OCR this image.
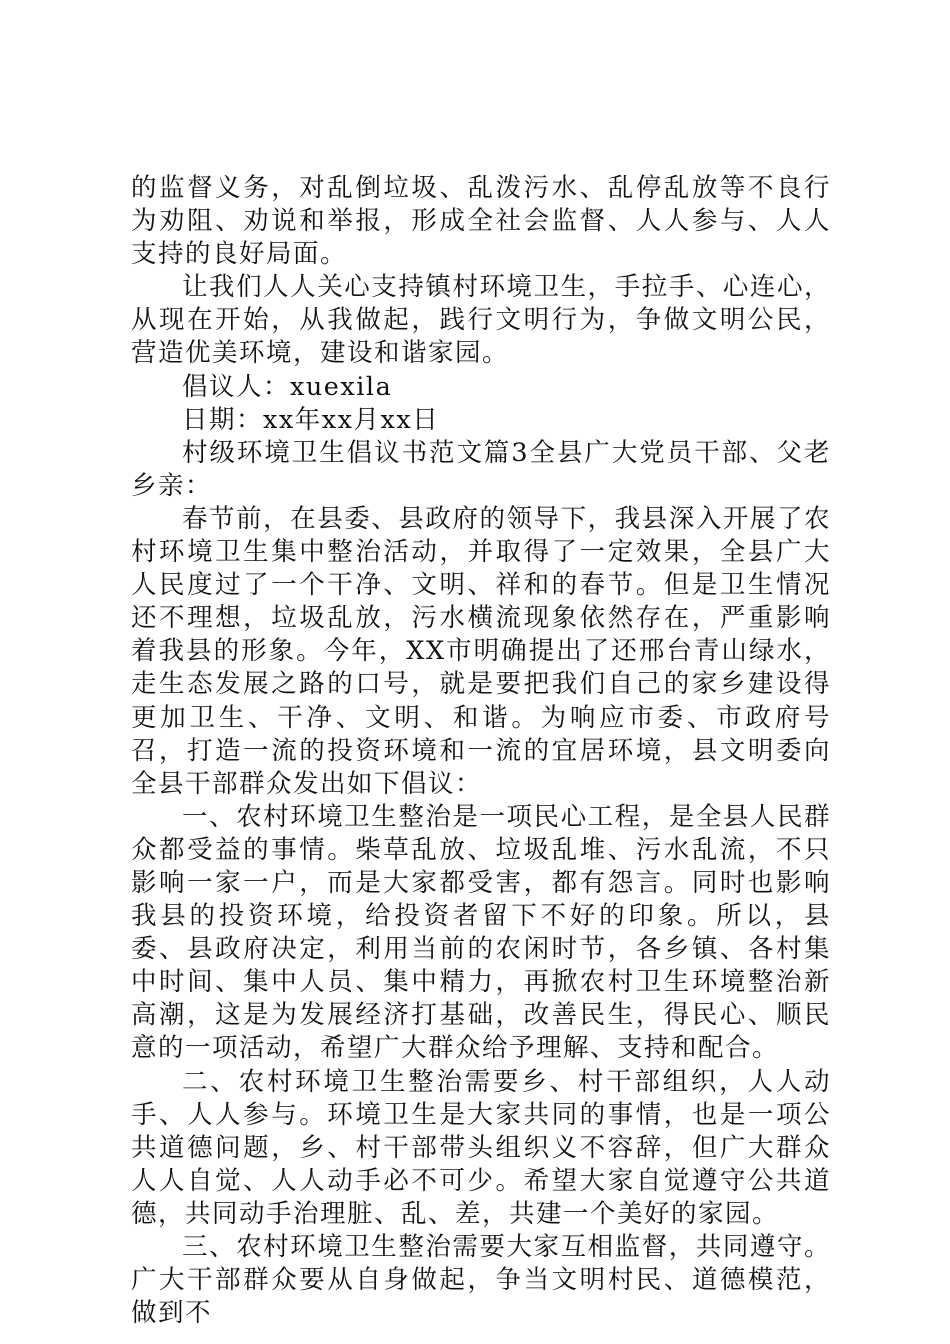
的监督义务，对乱倒垃圾、乱泼污水、乱停乱放等不良行为劝阻、劝说和举报，形成全社会监督、人人参与、人人支持的良好局面。

让我们人人关心支持镇村环境卫生，手拉手、心连心，从现在开始，从我做起，践行文明行为，争做文明公民，营造优美环境，建设和谐家园。

倡议人：xuexila

日期：xx年xx月xx日

村级环境卫生倡议书范文篇3全县广大党员干部、父老乡亲：

春节前，在县委、县政府的领导下，我县深入开展了农村环境卫生集中整治活动，并取得了一定效果，全县广大人民度过了一个干净、文明、祥和的春节。但是卫生情况还不理想，垃圾乱放，污水横流现象依然存在，严重影响着我县的形象。今年，XX市明确提出了还邢台青山绿水，走生态发展之路的口号，就是要把我们自己的家乡建设得更加卫生、干净、文明、和谐。为响应市委、市政府号召，打造一流的投资环境和一流的宜居环境，县文明委向全县干部群众发出如下倡议：

一、农村环境卫生整治是一项民心工程，是全县人民群众都受益的事情。柴草乱放、垃圾乱堆、污水乱流，不只影响一家一户，而是大家都受害，都有怨言。同时也影响我县的投资环境，给投资者留下不好的印象。所以，县委、县政府决定，利用当前的农闲时节，各乡镇、各村集中时间、集中人员、集中精力，再掀农村卫生环境整治新高潮，这是为发展经济打基础，改善民生，得民心、顺民意的一项活动，希望广大群众给予理解、支持和配合。

二、农村环境卫生整治需要乡、村干部组织，人人动手、人人参与。环境卫生是大家共同的事情，也是一项公共道德问题，乡、村干部带头组织义不容辞，但广大群众人人自觉、人人动手必不可少。希望大家自觉遵守公共道德，共同动手治理脏、乱、差，共建一个美好的家园。

三、农村环境卫生整治需要大家互相监督，共同遵守。广大干部群众要从自身做起，争当文明村民、道德模范，做到不
